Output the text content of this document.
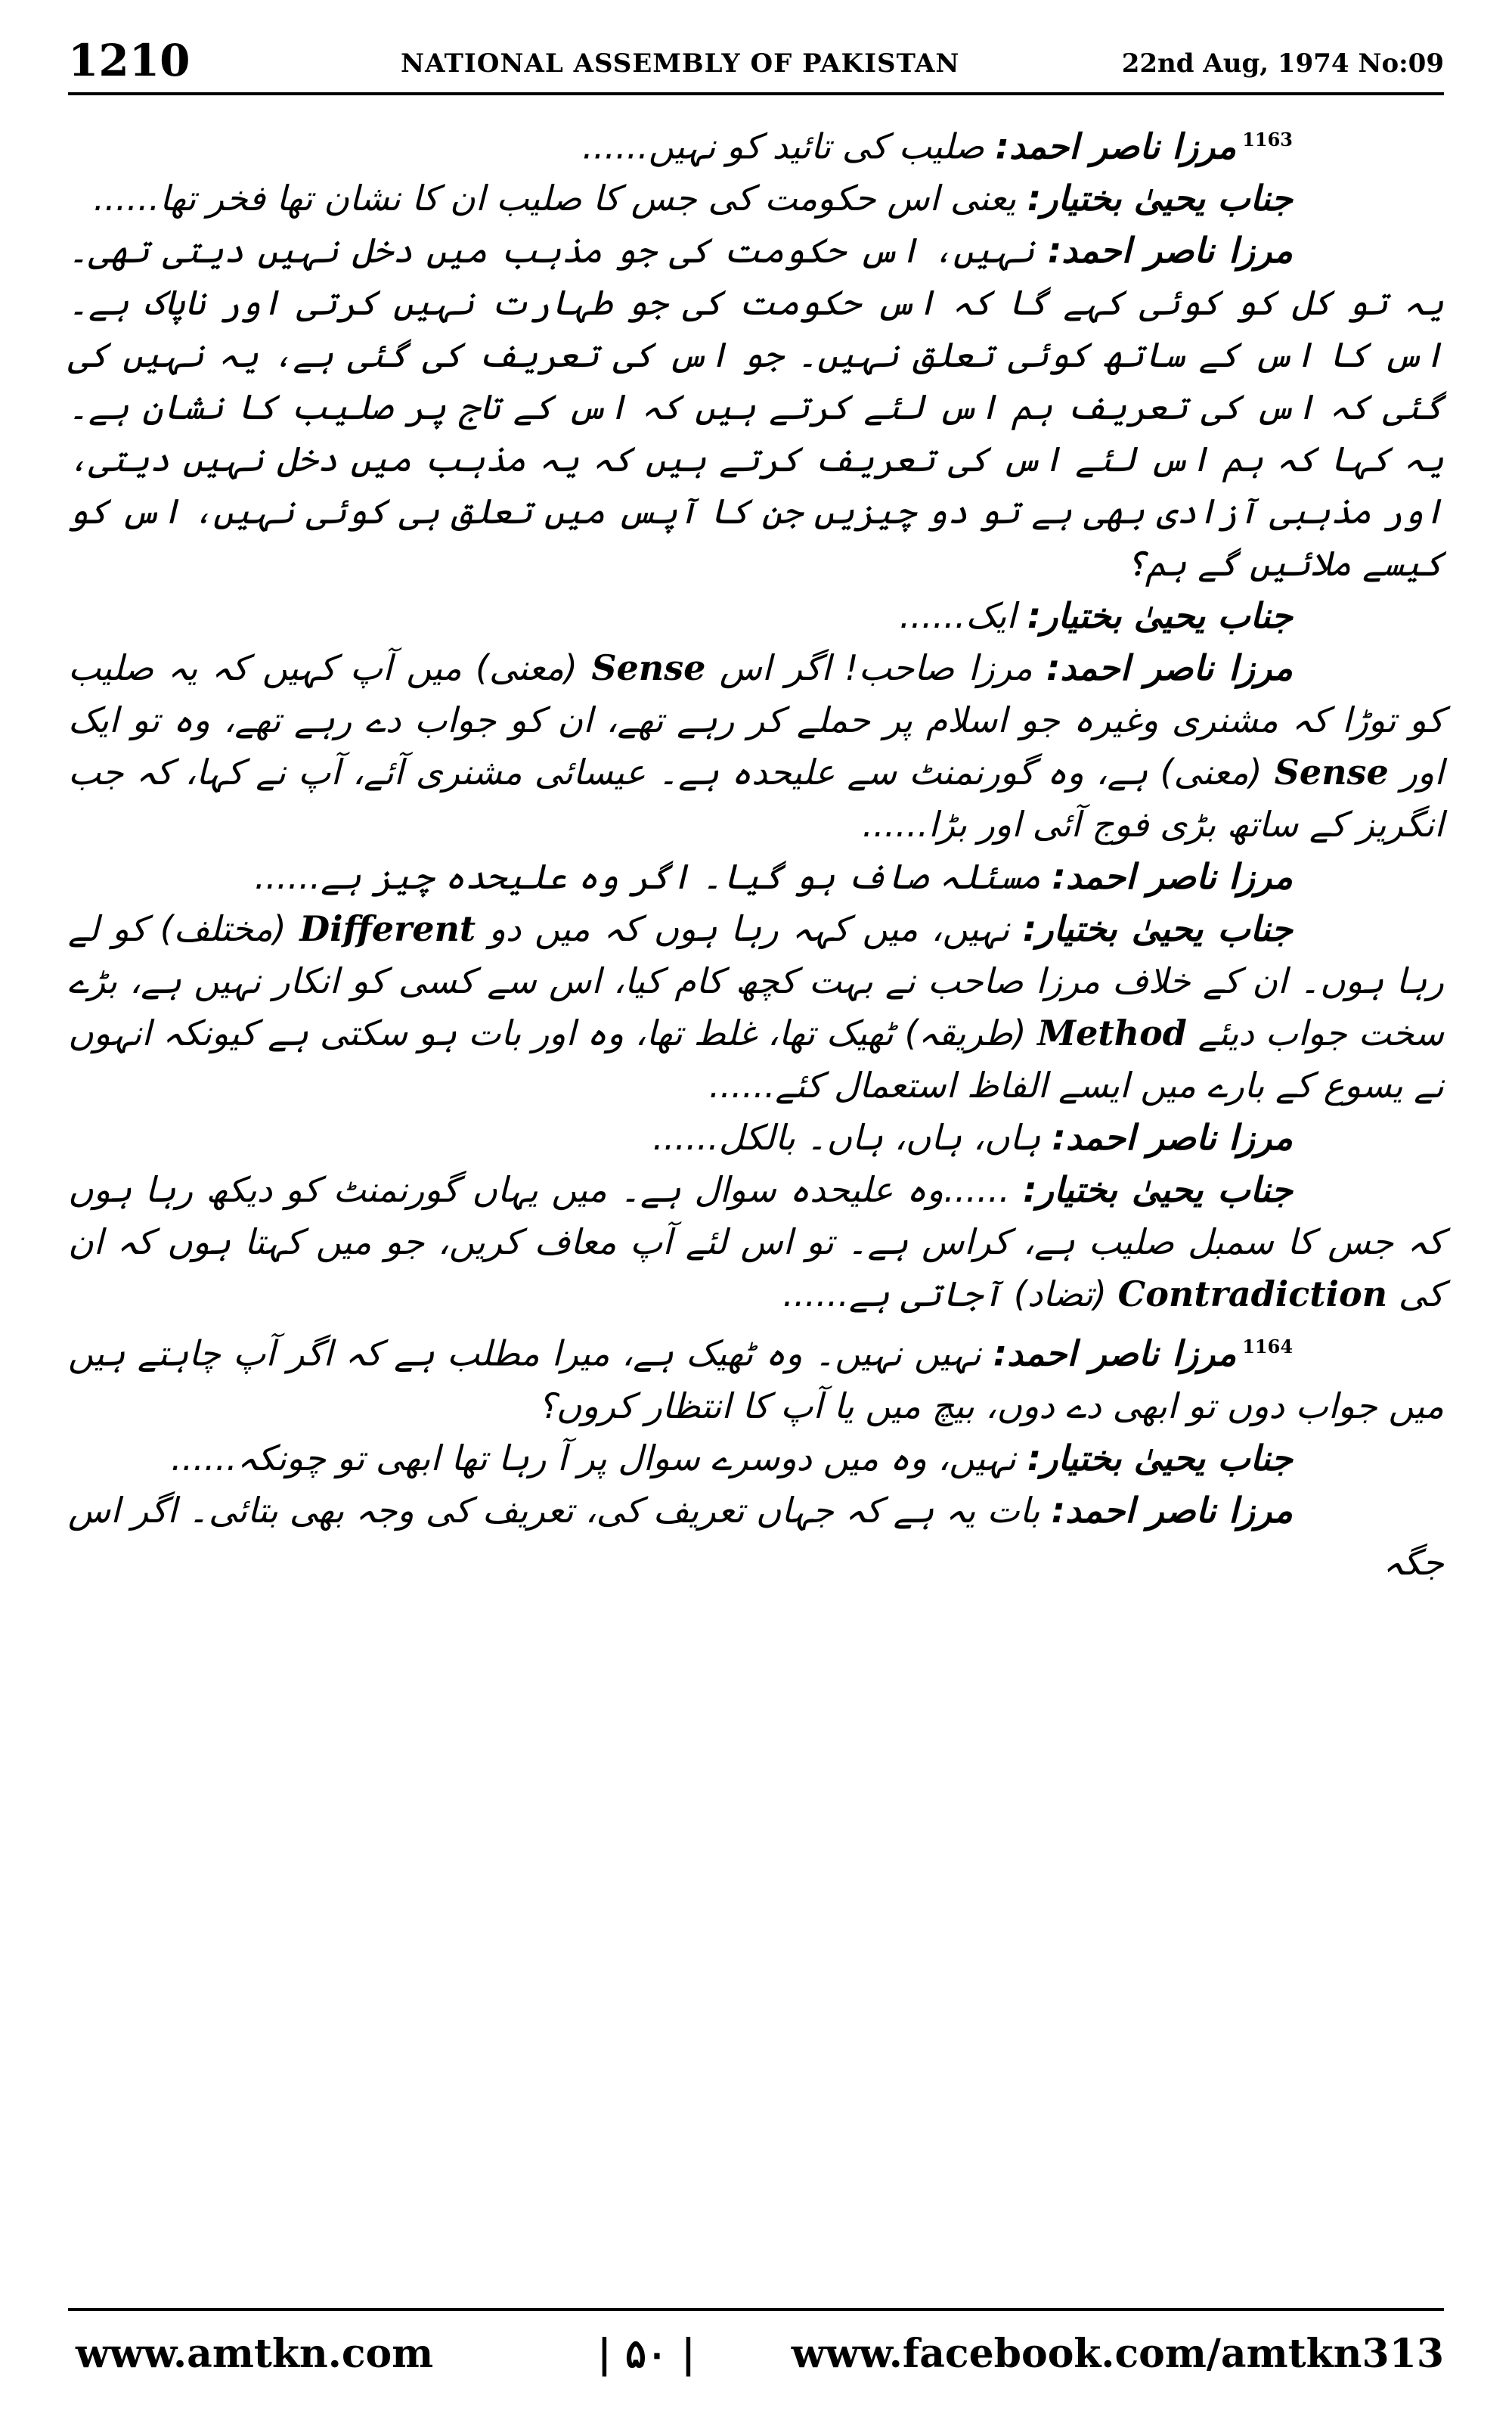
1210	NATIONAL ASSEMBLY OF PAKISTAN	22nd Aug, 1974 No:09

$^{1163}$مرزا ناصر احمد: صلیب کی تائید کو نہیں......

جناب یحییٰ بختیار: یعنی اس حکومت کی جس کا صلیب ان کا نشان تھا فخر تھا......

مرزا ناصر احمد: نہیں، اس حکومت کی جو مذہب میں دخل نہیں دیتی تھی۔ یہ تو کل کو کوئی کہے گا کہ اس حکومت کی جو طہارت نہیں کرتی اور ناپاک ہے۔ اس کا اس کے ساتھ کوئی تعلق نہیں۔ جو اس کی تعریف کی گئی ہے، یہ نہیں کی گئی کہ اس کی تعریف ہم اس لئے کرتے ہیں کہ اس کے تاج پر صلیب کا نشان ہے۔ یہ کہا کہ ہم اس لئے اس کی تعریف کرتے ہیں کہ یہ مذہب میں دخل نہیں دیتی، اور مذہبی آزادی بھی ہے تو دو چیزیں جن کا آپس میں تعلق ہی کوئی نہیں، اس کو کیسے ملائیں گے ہم؟

جناب یحییٰ بختیار: ایک......

مرزا ناصر احمد: مرزا صاحب! اگر اس Sense (معنی) میں آپ کہیں کہ یہ صلیب کو توڑا کہ مشنری وغیرہ جو اسلام پر حملے کر رہے تھے، ان کو جواب دے رہے تھے، وہ تو ایک اور Sense (معنی) ہے، وہ گورنمنٹ سے علیحدہ ہے۔ عیسائی مشنری آئے، آپ نے کہا، کہ جب انگریز کے ساتھ بڑی فوج آئی اور بڑا......

مرزا ناصر احمد: مسئلہ صاف ہو گیا۔ اگر وہ علیحدہ چیز ہے......

جناب یحییٰ بختیار: نہیں، میں کہہ رہا ہوں کہ میں دو Different (مختلف) کو لے رہا ہوں۔ ان کے خلاف مرزا صاحب نے بہت کچھ کام کیا، اس سے کسی کو انکار نہیں ہے، بڑے سخت جواب دیئے Method (طریقہ) ٹھیک تھا، غلط تھا، وہ اور بات ہو سکتی ہے کیونکہ انہوں نے یسوع کے بارے میں ایسے الفاظ استعمال کئے......

مرزا ناصر احمد: ہاں، ہاں، ہاں۔ بالکل......

جناب یحییٰ بختیار: ......وہ علیحدہ سوال ہے۔ میں یہاں گورنمنٹ کو دیکھ رہا ہوں کہ جس کا سمبل صلیب ہے، کراس ہے۔ تو اس لئے آپ معاف کریں، جو میں کہتا ہوں کہ ان کی Contradiction (تضاد) آجاتی ہے......

$^{1164}$مرزا ناصر احمد: نہیں نہیں۔ وہ ٹھیک ہے، میرا مطلب ہے کہ اگر آپ چاہتے ہیں میں جواب دوں تو ابھی دے دوں، بیچ میں یا آپ کا انتظار کروں؟

جناب یحییٰ بختیار: نہیں، وہ میں دوسرے سوال پر آ رہا تھا ابھی تو چونکہ......

مرزا ناصر احمد: بات یہ ہے کہ جہاں تعریف کی، تعریف کی وجہ بھی بتائی۔ اگر اس جگہ

www.amtkn.com	| ۵۰ | www.facebook.com/amtkn313
